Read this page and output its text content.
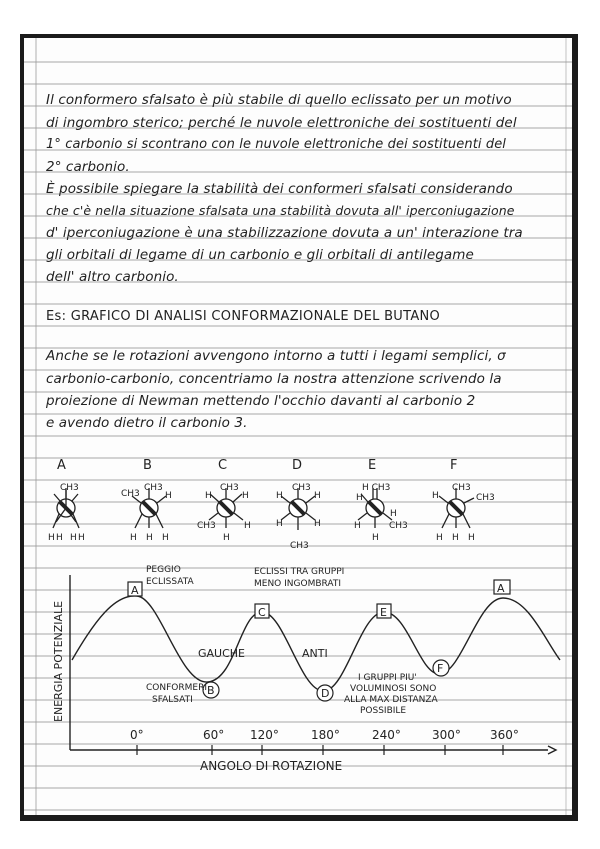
Il conformero sfalsato è più stabile di quello eclissato per un motivo
di ingombro sterico; perché le nuvole elettroniche dei sostituenti del
1° carbonio si scontrano con le nuvole elettroniche dei sostituenti del
2° carbonio.
È possibile spiegare la stabilità dei conformeri sfalsati considerando
che c'è nella situazione sfalsata una stabilità dovuta all' iperconiugazione
d' iperconiugazione è una stabilizzazione dovuta a un' interazione tra
gli orbitali di legame di un carbonio e gli orbitali di antilegame
dell' altro carbonio.
Es: GRAFICO DI ANALISI CONFORMAZIONALE DEL BUTANO
Anche se le rotazioni avvengono intorno a tutti i legami semplici, σ
carbonio-carbonio, concentriamo la nostra attenzione scrivendo la
proiezione di Newman mettendo l'occhio davanti al carbonio 2
e avendo dietro il carbonio 3.
A	B	C	D	E	F
CH3
H H H H
CH3
CH3	H
H H H
CH3
CH3
H	H
H
H
CH3
CH3
H	H
H	H
H CH3
CH3
H
H
H
H
CH3
CH3
H
H H H
0°	60° 120°	180°	240°	300° 360°
A
B
C
D
E
F
A
PEGGIO
ECLISSATA
ECLISSI TRA GRUPPI
MENO INGOMBRATI
GAUCHE	ANTI
CONFORMERI
SFALSATI
I GRUPPI PIU'
VOLUMINOSI SONO
ALLA MAX DISTANZA
POSSIBILE
ENERGIA POTENZIALE
ANGOLO DI ROTAZIONE
